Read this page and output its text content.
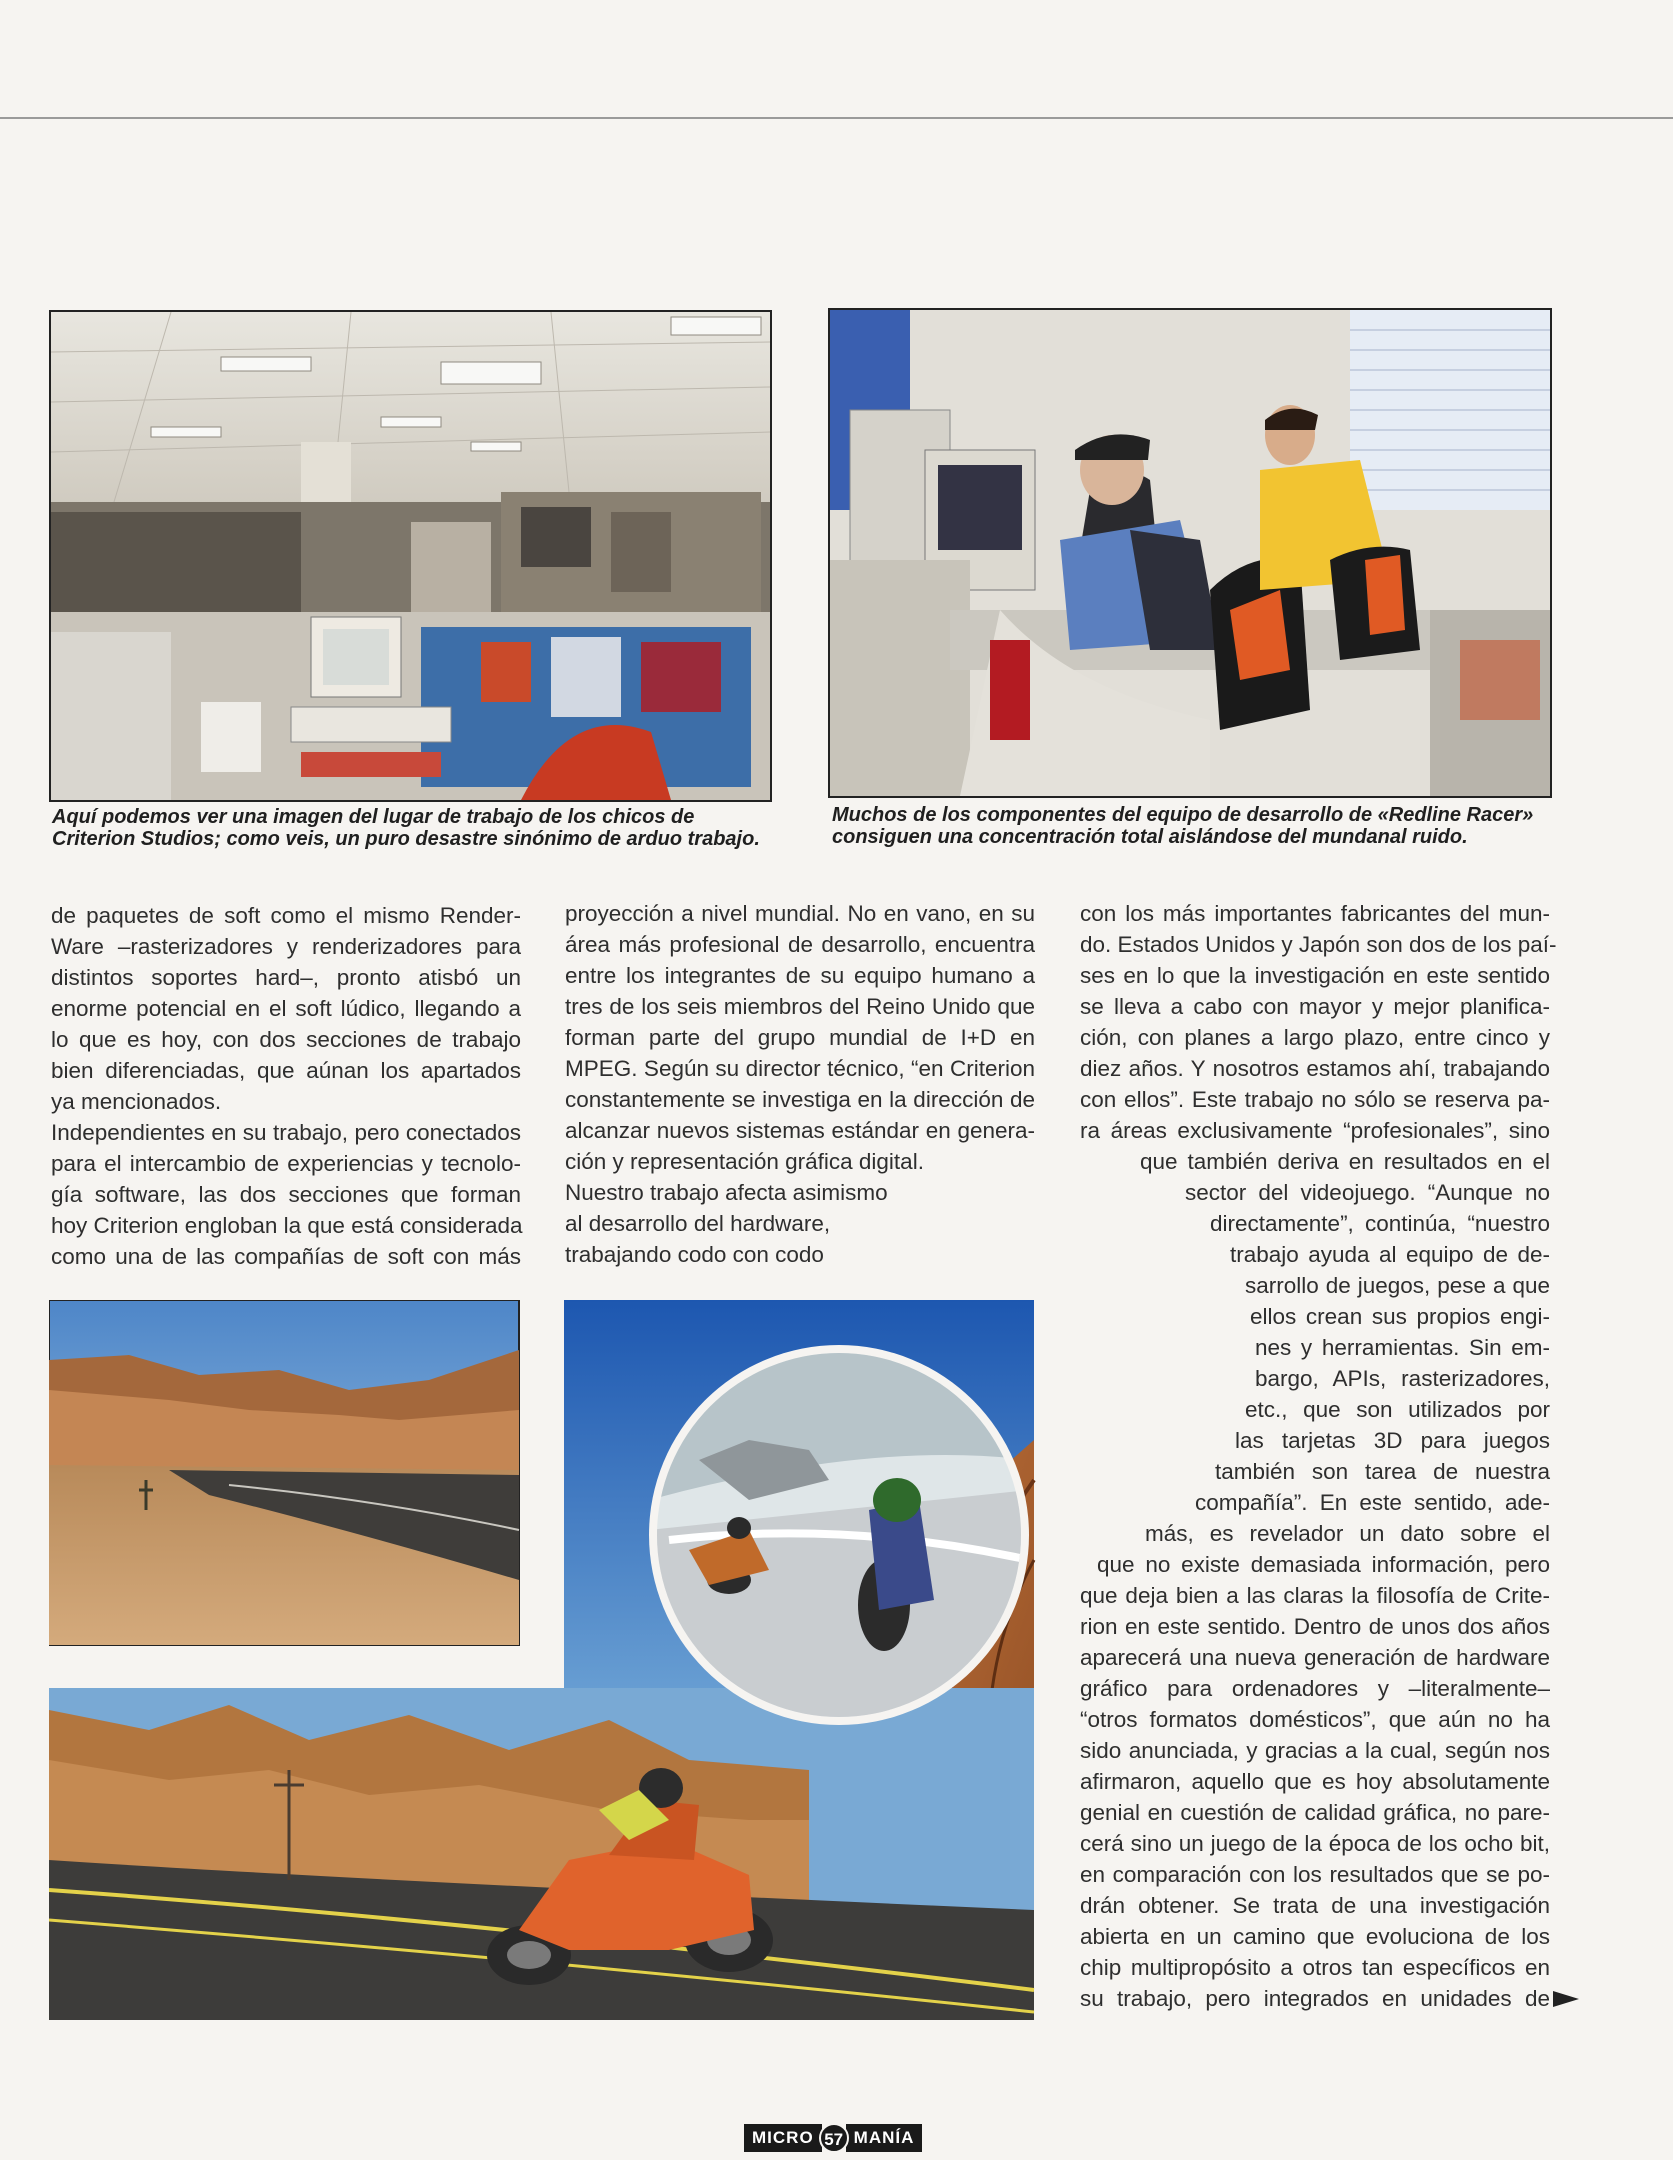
Aquí podemos ver una imagen del lugar de trabajo de los chicos de Criterion Studios; como veis, un puro desastre sinónimo de arduo trabajo.

Muchos de los componentes del equipo de desarrollo de «Redline Racer» consiguen una concentración total aislándose del mundanal ruido.

de paquetes de soft como el mismo Render-
Ware –rasterizadores y renderizadores para
distintos soportes hard–, pronto atisbó un
enorme potencial en el soft lúdico, llegando a
lo que es hoy, con dos secciones de trabajo
bien diferenciadas, que aúnan los apartados
ya mencionados.
Independientes en su trabajo, pero conectados
para el intercambio de experiencias y tecnolo-
gía software, las dos secciones que forman
hoy Criterion engloban la que está considerada
como una de las compañías de soft con más
proyección a nivel mundial. No en vano, en su
área más profesional de desarrollo, encuentra
entre los integrantes de su equipo humano a
tres de los seis miembros del Reino Unido que
forman parte del grupo mundial de I+D en
MPEG. Según su director técnico, “en Criterion
constantemente se investiga en la dirección de
alcanzar nuevos sistemas estándar en genera-
ción y representación gráfica digital.
Nuestro trabajo afecta asimismo
al desarrollo del hardware,
trabajando codo con codo
con los más importantes fabricantes del mun-
do. Estados Unidos y Japón son dos de los paí-
ses en lo que la investigación en este sentido
se lleva a cabo con mayor y mejor planifica-
ción, con planes a largo plazo, entre cinco y
diez años. Y nosotros estamos ahí, trabajando
con ellos”. Este trabajo no sólo se reserva pa-
ra áreas exclusivamente “profesionales”, sino
que también deriva en resultados en el
sector del videojuego. “Aunque no
directamente”, continúa, “nuestro
trabajo ayuda al equipo de de-
sarrollo de juegos, pese a que
ellos crean sus propios engi-
nes y herramientas. Sin em-
bargo, APIs, rasterizadores,
etc., que son utilizados por
las tarjetas 3D para juegos
también son tarea de nuestra
compañía”. En este sentido, ade-
más, es revelador un dato sobre el
que no existe demasiada información, pero
que deja bien a las claras la filosofía de Crite-
rion en este sentido. Dentro de unos dos años
aparecerá una nueva generación de hardware
gráfico para ordenadores y –literalmente–
“otros formatos domésticos”, que aún no ha
sido anunciada, y gracias a la cual, según nos
afirmaron, aquello que es hoy absolutamente
genial en cuestión de calidad gráfica, no pare-
cerá sino un juego de la época de los ocho bit,
en comparación con los resultados que se po-
drán obtener. Se trata de una investigación
abierta en un camino que evoluciona de los
chip multipropósito a otros tan específicos en
su trabajo, pero integrados en unidades de
MICRO 57 MANÍA
